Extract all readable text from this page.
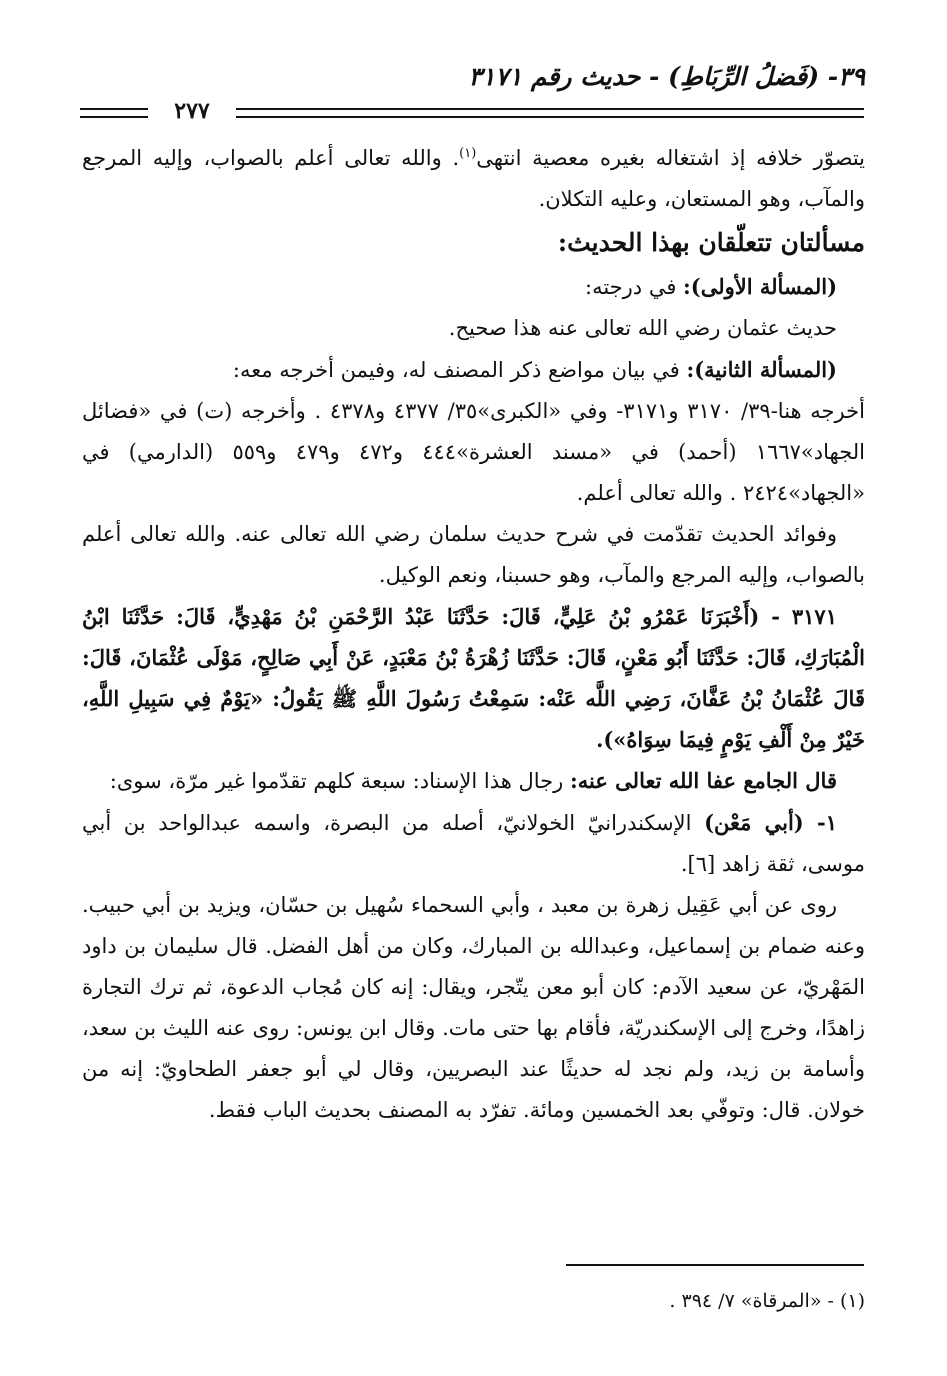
٣٩- (فَضلُ الرِّبَاطِ) - حديث رقم ٣١٧١
٢٧٧

يتصوّر خلافه إذ اشتغاله بغيره معصية انتهى$^{(١)}$. والله تعالى أعلم بالصواب، وإليه المرجع والمآب، وهو المستعان، وعليه التكلان.

مسألتان تتعلّقان بهذا الحديث:

(المسألة الأولى): في درجته:

حديث عثمان رضي الله تعالى عنه هذا صحيح.

(المسألة الثانية): في بيان مواضع ذكر المصنف له، وفيمن أخرجه معه:

أخرجه هنا-٣٩/ ٣١٧٠ و٣١٧١- وفي «الكبرى»٣٥/ ٤٣٧٧ و٤٣٧٨ . وأخرجه (ت) في «فضائل الجهاد»١٦٦٧ (أحمد) في «مسند العشرة»٤٤٤ و٤٧٢ و٤٧٩ و٥٥٩ (الدارمي) في «الجهاد»٢٤٢٤ . والله تعالى أعلم.

وفوائد الحديث تقدّمت في شرح حديث سلمان رضي الله تعالى عنه. والله تعالى أعلم بالصواب، وإليه المرجع والمآب، وهو حسبنا، ونعم الوكيل.

٣١٧١ - (أَخْبَرَنَا عَمْرُو بْنُ عَلِيٍّ، قَالَ: حَدَّثَنَا عَبْدُ الرَّحْمَنِ بْنُ مَهْدِيٍّ، قَالَ: حَدَّثَنَا ابْنُ الْمُبَارَكِ، قَالَ: حَدَّثَنَا أَبُو مَعْنٍ، قَالَ: حَدَّثَنَا زُهْرَةُ بْنُ مَعْبَدٍ، عَنْ أَبِي صَالِحٍ، مَوْلَى عُثْمَانَ، قَالَ: قَالَ عُثْمَانُ بْنُ عَفَّانَ، رَضِي اللَّه عَنْه: سَمِعْتُ رَسُولَ اللَّهِ ﷺ يَقُولُ: «يَوْمٌ فِي سَبِيلِ اللَّهِ، خَيْرٌ مِنْ أَلْفِ يَوْمٍ فِيمَا سِوَاهُ»).

قال الجامع عفا الله تعالى عنه: رجال هذا الإسناد: سبعة كلهم تقدّموا غير مرّة، سوى:

١- (أبي مَعْن) الإسكندرانيّ الخولانيّ، أصله من البصرة، واسمه عبدالواحد بن أبي موسى، ثقة زاهد [٦].

روى عن أبي عَقِيل زهرة بن معبد ، وأبي السحماء سُهيل بن حسّان، ويزيد بن أبي حبيب. وعنه ضمام بن إسماعيل، وعبدالله بن المبارك، وكان من أهل الفضل. قال سليمان بن داود المَهْريّ، عن سعيد الآدم: كان أبو معن يتّجر، ويقال: إنه كان مُجاب الدعوة، ثم ترك التجارة زاهدًا، وخرج إلى الإسكندريّة، فأقام بها حتى مات. وقال ابن يونس: روى عنه الليث بن سعد، وأسامة بن زيد، ولم نجد له حديثًا عند البصريين، وقال لي أبو جعفر الطحاويّ: إنه من خولان. قال: وتوفّي بعد الخمسين ومائة. تفرّد به المصنف بحديث الباب فقط.

(١) - «المرقاة» ٧/ ٣٩٤ .
